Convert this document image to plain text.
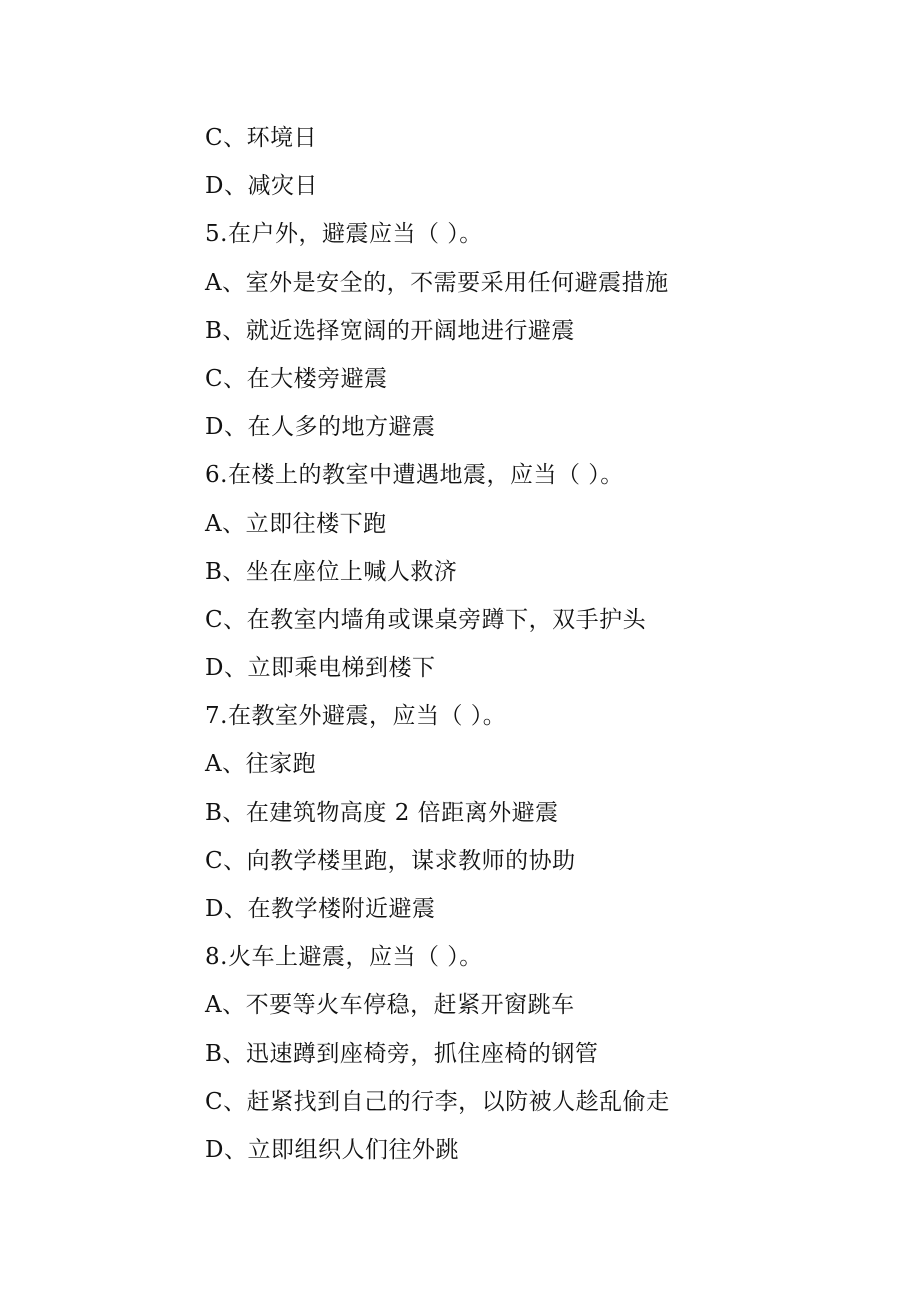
C、环境日
D、减灾日
5.在户外，避震应当（ ）。
A、室外是安全的，不需要采用任何避震措施
B、就近选择宽阔的开阔地进行避震
C、在大楼旁避震
D、在人多的地方避震
6.在楼上的教室中遭遇地震，应当（ ）。
A、立即往楼下跑
B、坐在座位上喊人救济
C、在教室内墙角或课桌旁蹲下，双手护头
D、立即乘电梯到楼下
7.在教室外避震，应当（ ）。
A、往家跑
B、在建筑物高度 2 倍距离外避震
C、向教学楼里跑，谋求教师的协助
D、在教学楼附近避震
8.火车上避震，应当（ ）。
A、不要等火车停稳，赶紧开窗跳车
B、迅速蹲到座椅旁，抓住座椅的钢管
C、赶紧找到自己的行李，以防被人趁乱偷走
D、立即组织人们往外跳
